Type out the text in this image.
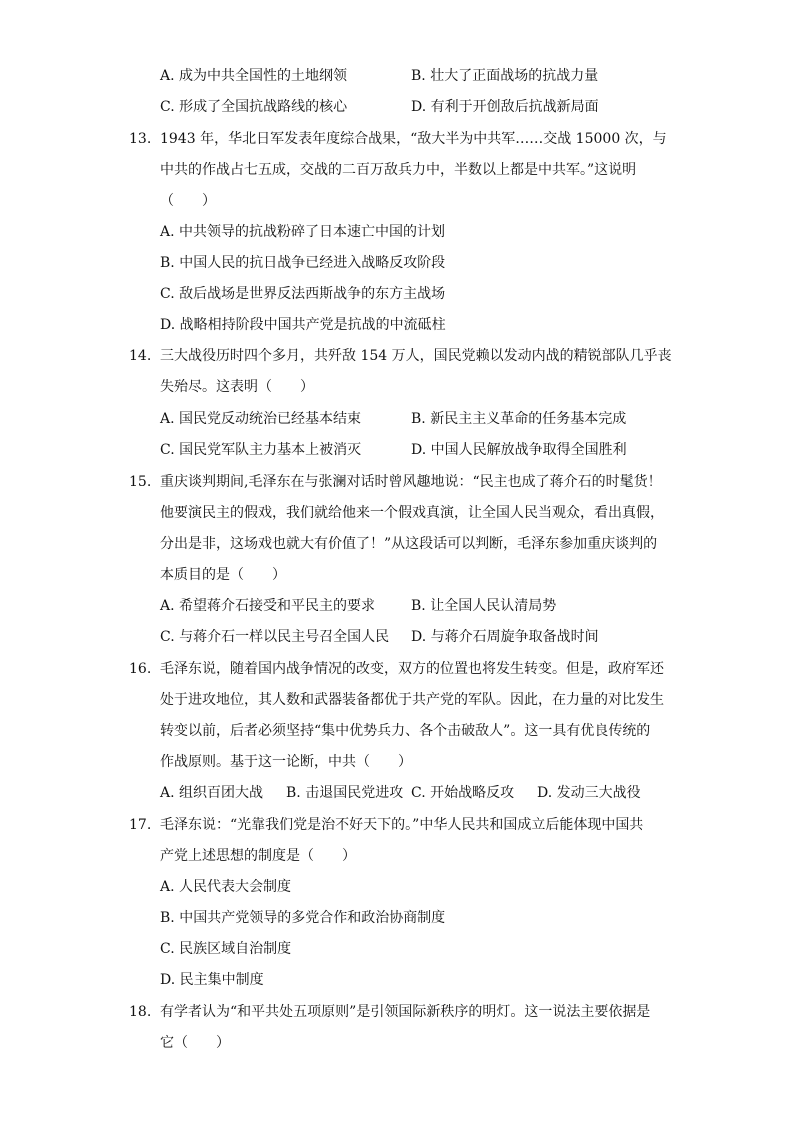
A. 成为中共全国性的土地纲领	B. 壮大了正面战场的抗战力量
C. 形成了全国抗战路线的核心	D. 有利于开创敌后抗战新局面
13. 1943 年，华北日军发表年度综合战果，“敌大半为中共军……交战 15000 次，与
中共的作战占七五成，交战的二百万敌兵力中，半数以上都是中共军。”这说明
（　　）
A. 中共领导的抗战粉碎了日本速亡中国的计划
B. 中国人民的抗日战争已经进入战略反攻阶段
C. 敌后战场是世界反法西斯战争的东方主战场
D. 战略相持阶段中国共产党是抗战的中流砥柱
14. 三大战役历时四个多月，共歼敌 154 万人，国民党赖以发动内战的精锐部队几乎丧
失殆尽。这表明（　　）
A. 国民党反动统治已经基本结束	B. 新民主主义革命的任务基本完成
C. 国民党军队主力基本上被消灭	D. 中国人民解放战争取得全国胜利
15. 重庆谈判期间,毛泽东在与张澜对话时曾风趣地说：“民主也成了蒋介石的时髦货！
他要演民主的假戏，我们就给他来一个假戏真演，让全国人民当观众，看出真假，
分出是非，这场戏也就大有价值了！”从这段话可以判断，毛泽东参加重庆谈判的
本质目的是（　　）
A. 希望蒋介石接受和平民主的要求	B. 让全国人民认清局势
C. 与蒋介石一样以民主号召全国人民 D. 与蒋介石周旋争取备战时间
16. 毛泽东说，随着国内战争情况的改变，双方的位置也将发生转变。但是，政府军还
处于进攻地位，其人数和武器装备都优于共产党的军队。因此，在力量的对比发生
转变以前，后者必须坚持“集中优势兵力、各个击破敌人”。这一具有优良传统的
作战原则。基于这一论断，中共（　　）
A. 组织百团大战 B. 击退国民党进攻 C. 开始战略反攻 D. 发动三大战役
17. 毛泽东说：“光靠我们党是治不好天下的。”中华人民共和国成立后能体现中国共
产党上述思想的制度是（　　）
A. 人民代表大会制度
B. 中国共产党领导的多党合作和政治协商制度
C. 民族区域自治制度
D. 民主集中制度
18. 有学者认为“和平共处五项原则”是引领国际新秩序的明灯。这一说法主要依据是
它（　　）
